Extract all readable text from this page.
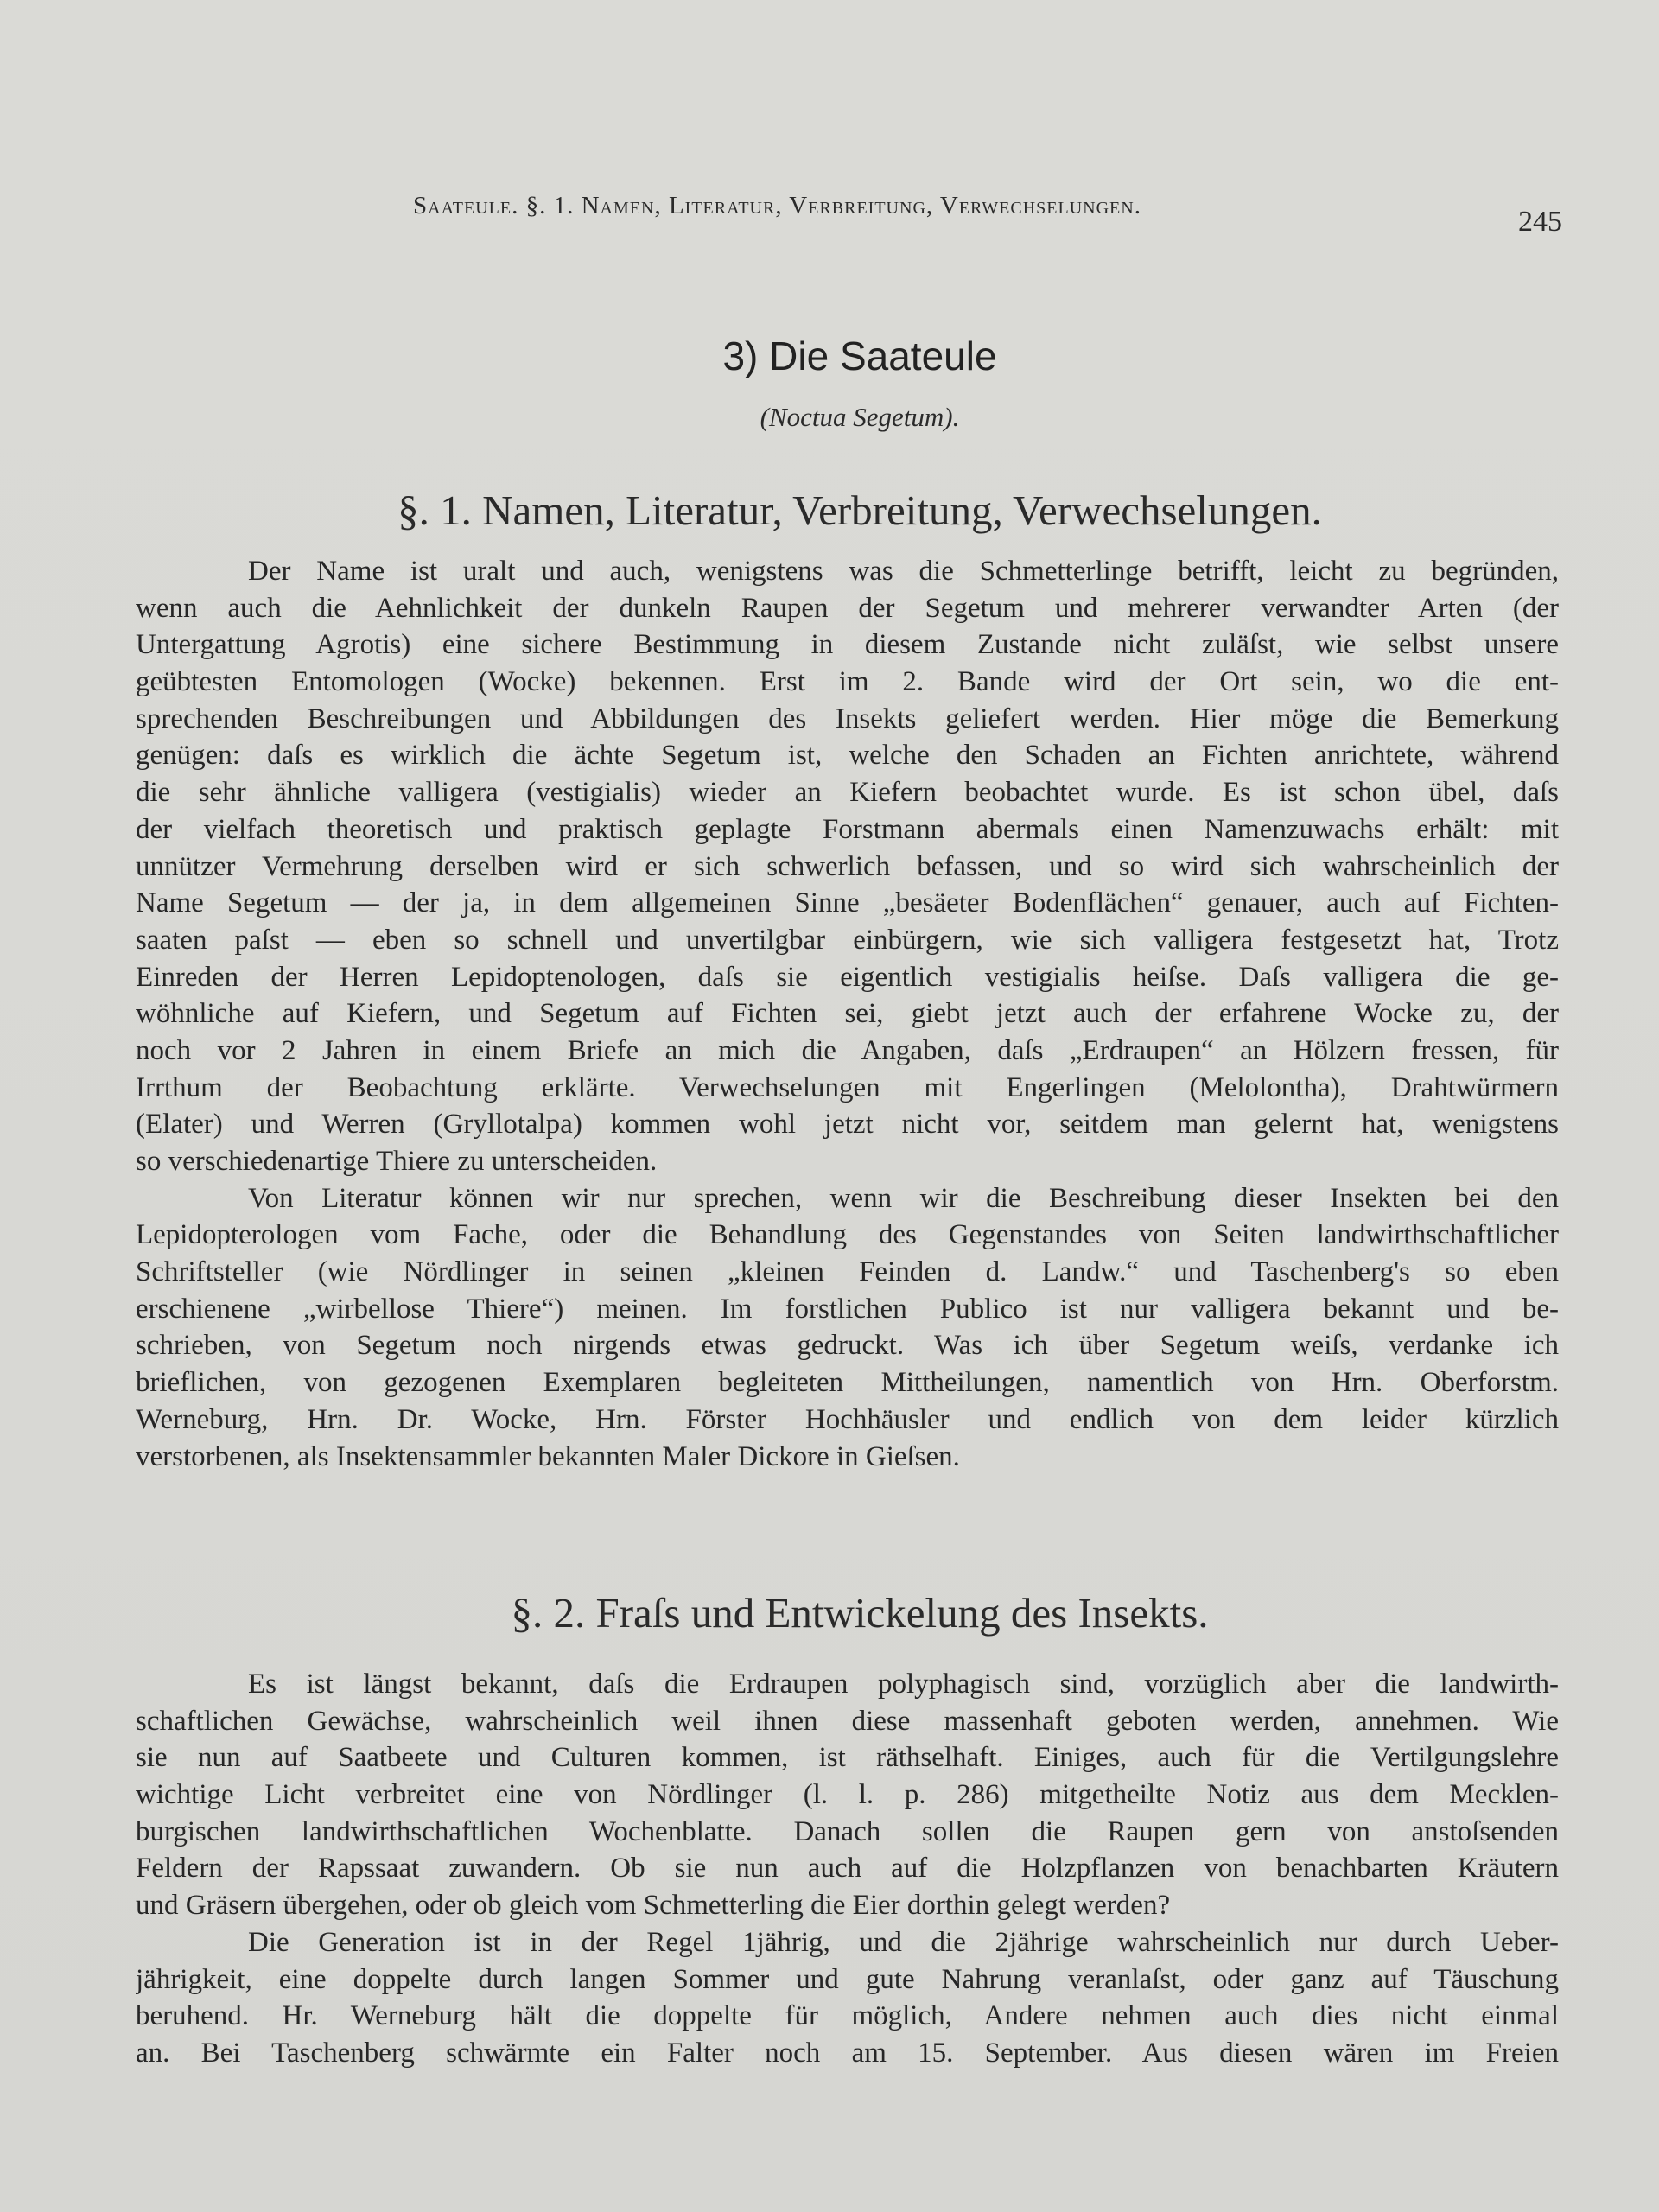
Saateule. §. 1. Namen, Literatur, Verbreitung, Verwechselungen.	245
3) Die Saateule
(Noctua Segetum).
§. 1. Namen, Literatur, Verbreitung, Verwechselungen.
Der Name ist uralt und auch, wenigstens was die Schmetterlinge betrifft, leicht zu begründen,
wenn auch die Aehnlichkeit der dunkeln Raupen der Segetum und mehrerer verwandter Arten (der
Untergattung Agrotis) eine sichere Bestimmung in diesem Zustande nicht zuläſst, wie selbst unsere
geübtesten Entomologen (Wocke) bekennen. Erst im 2. Bande wird der Ort sein, wo die ent-
sprechenden Beschreibungen und Abbildungen des Insekts geliefert werden. Hier möge die Bemerkung
genügen: daſs es wirklich die ächte Segetum ist, welche den Schaden an Fichten anrichtete, während
die sehr ähnliche valligera (vestigialis) wieder an Kiefern beobachtet wurde. Es ist schon übel, daſs
der vielfach theoretisch und praktisch geplagte Forstmann abermals einen Namenzuwachs erhält: mit
unnützer Vermehrung derselben wird er sich schwerlich befassen, und so wird sich wahrscheinlich der
Name Segetum — der ja, in dem allgemeinen Sinne „besäeter Bodenflächen“ genauer, auch auf Fichten-
saaten paſst — eben so schnell und unvertilgbar einbürgern, wie sich valligera festgesetzt hat, Trotz
Einreden der Herren Lepidoptenologen, daſs sie eigentlich vestigialis heiſse. Daſs valligera die ge-
wöhnliche auf Kiefern, und Segetum auf Fichten sei, giebt jetzt auch der erfahrene Wocke zu, der
noch vor 2 Jahren in einem Briefe an mich die Angaben, daſs „Erdraupen“ an Hölzern fressen, für
Irrthum der Beobachtung erklärte. Verwechselungen mit Engerlingen (Melolontha), Drahtwürmern
(Elater) und Werren (Gryllotalpa) kommen wohl jetzt nicht vor, seitdem man gelernt hat, wenigstens
so verschiedenartige Thiere zu unterscheiden.
Von Literatur können wir nur sprechen, wenn wir die Beschreibung dieser Insekten bei den
Lepidopterologen vom Fache, oder die Behandlung des Gegenstandes von Seiten landwirthschaftlicher
Schriftsteller (wie Nördlinger in seinen „kleinen Feinden d. Landw.“ und Taschenberg's so eben
erschienene „wirbellose Thiere“) meinen. Im forstlichen Publico ist nur valligera bekannt und be-
schrieben, von Segetum noch nirgends etwas gedruckt. Was ich über Segetum weiſs, verdanke ich
brieflichen, von gezogenen Exemplaren begleiteten Mittheilungen, namentlich von Hrn. Oberforstm.
Werneburg, Hrn. Dr. Wocke, Hrn. Förster Hochhäusler und endlich von dem leider kürzlich
verstorbenen, als Insektensammler bekannten Maler Dickore in Gieſsen.
§. 2. Fraſs und Entwickelung des Insekts.
Es ist längst bekannt, daſs die Erdraupen polyphagisch sind, vorzüglich aber die landwirth-
schaftlichen Gewächse, wahrscheinlich weil ihnen diese massenhaft geboten werden, annehmen. Wie
sie nun auf Saatbeete und Culturen kommen, ist räthselhaft. Einiges, auch für die Vertilgungslehre
wichtige Licht verbreitet eine von Nördlinger (l. l. p. 286) mitgetheilte Notiz aus dem Mecklen-
burgischen landwirthschaftlichen Wochenblatte. Danach sollen die Raupen gern von anstoſsenden
Feldern der Rapssaat zuwandern. Ob sie nun auch auf die Holzpflanzen von benachbarten Kräutern
und Gräsern übergehen, oder ob gleich vom Schmetterling die Eier dorthin gelegt werden?
Die Generation ist in der Regel 1jährig, und die 2jährige wahrscheinlich nur durch Ueber-
jährigkeit, eine doppelte durch langen Sommer und gute Nahrung veranlaſst, oder ganz auf Täuschung
beruhend. Hr. Werneburg hält die doppelte für möglich, Andere nehmen auch dies nicht einmal
an. Bei Taschenberg schwärmte ein Falter noch am 15. September. Aus diesen wären im Freien
